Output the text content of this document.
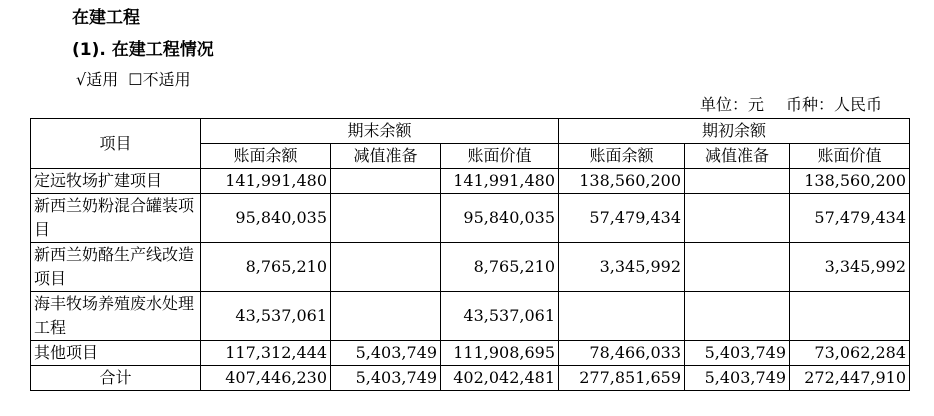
在建工程
(1). 在建工程情况
√适用 ☐不适用
单位：元 币种：人民币
项目	期末余额			期初余额		
	账面余额	减值准备	账面价值	账面余额	减值准备	账面价值
定远牧场扩建项目	141,991,480		141,991,480	138,560,200		138,560,200
新西兰奶粉混合罐装项目	95,840,035		95,840,035	57,479,434		57,479,434
新西兰奶酪生产线改造项目	8,765,210		8,765,210	3,345,992		3,345,992
海丰牧场养殖废水处理工程	43,537,061		43,537,061			
其他项目	117,312,444	5,403,749	111,908,695	78,466,033	5,403,749	73,062,284
合计	407,446,230	5,403,749	402,042,481	277,851,659	5,403,749	272,447,910
